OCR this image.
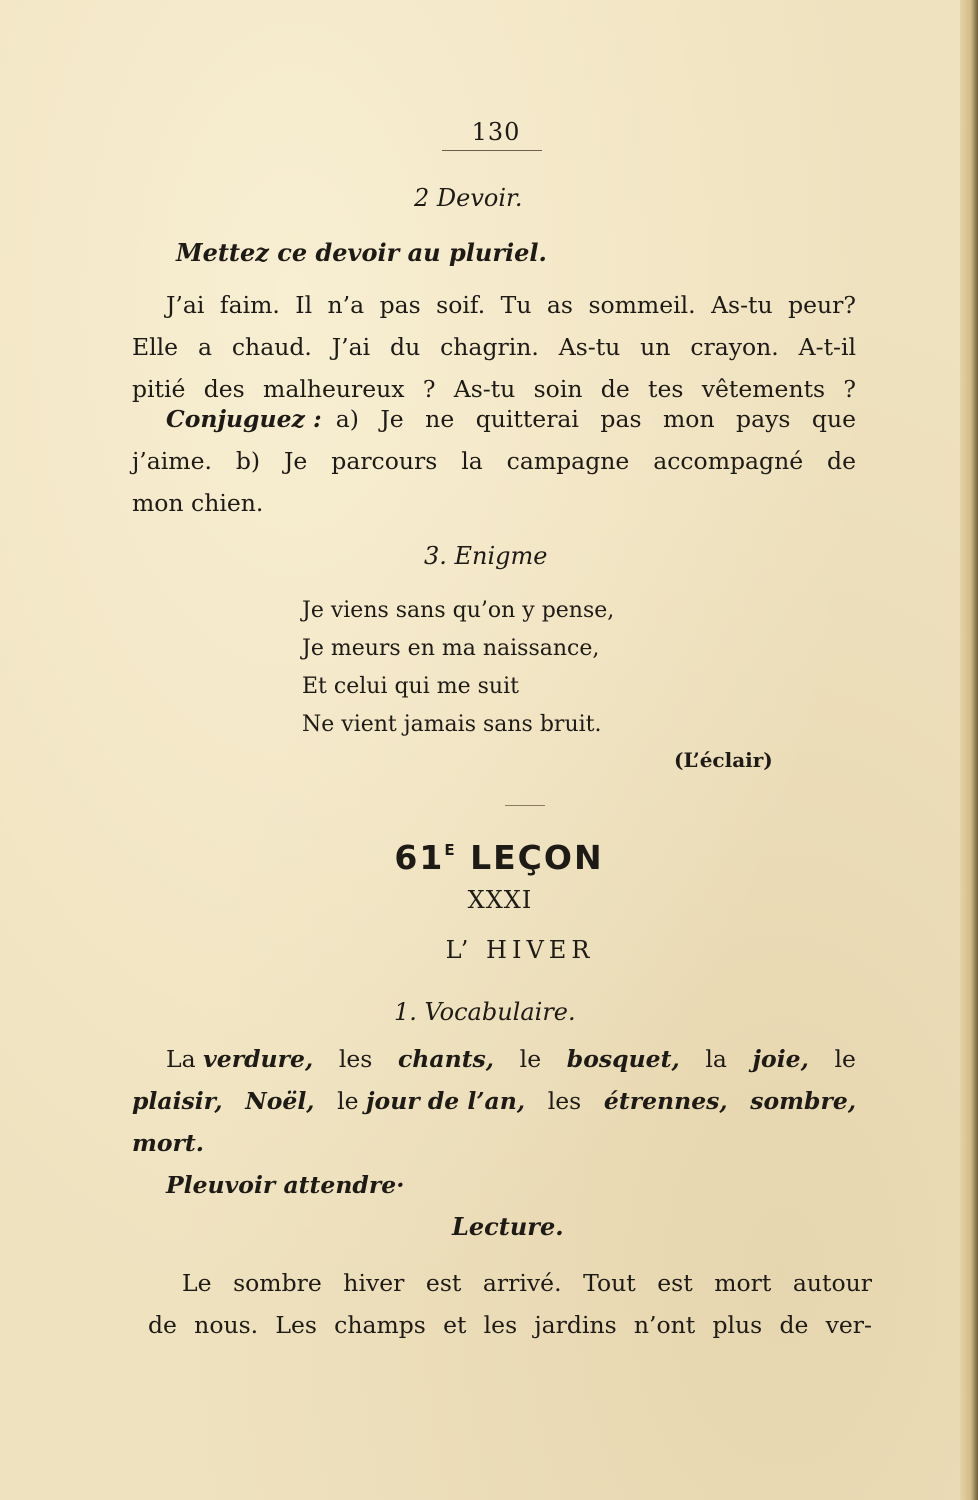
130
2 Devoir.
Mettez ce devoir au pluriel.
J’ai faim. Il n’a pas soif. Tu as sommeil. As-tu peur?
Elle a chaud. J’ai du chagrin. As-tu un crayon. A-t-il
pitié des malheureux ? As-tu soin de tes vêtements ?
Conjuguez : a) Je ne quitterai pas mon pays que
j’aime. b) Je parcours la campagne accompagné de
mon chien.
3. Enigme
Je viens sans qu’on y pense,
Je meurs en ma naissance,
Et celui qui me suit
Ne vient jamais sans bruit.
(L’éclair)
$61^E$ LEÇON
XXXI
L’ HIVER
1. Vocabulaire.
La verdure, les chants, le bosquet, la joie, le
plaisir, Noël, le jour de l’an, les étrennes, sombre,
mort.
Pleuvoir attendre·
Lecture.
Le sombre hiver est arrivé. Tout est mort autour
de nous. Les champs et les jardins n’ont plus de ver-
